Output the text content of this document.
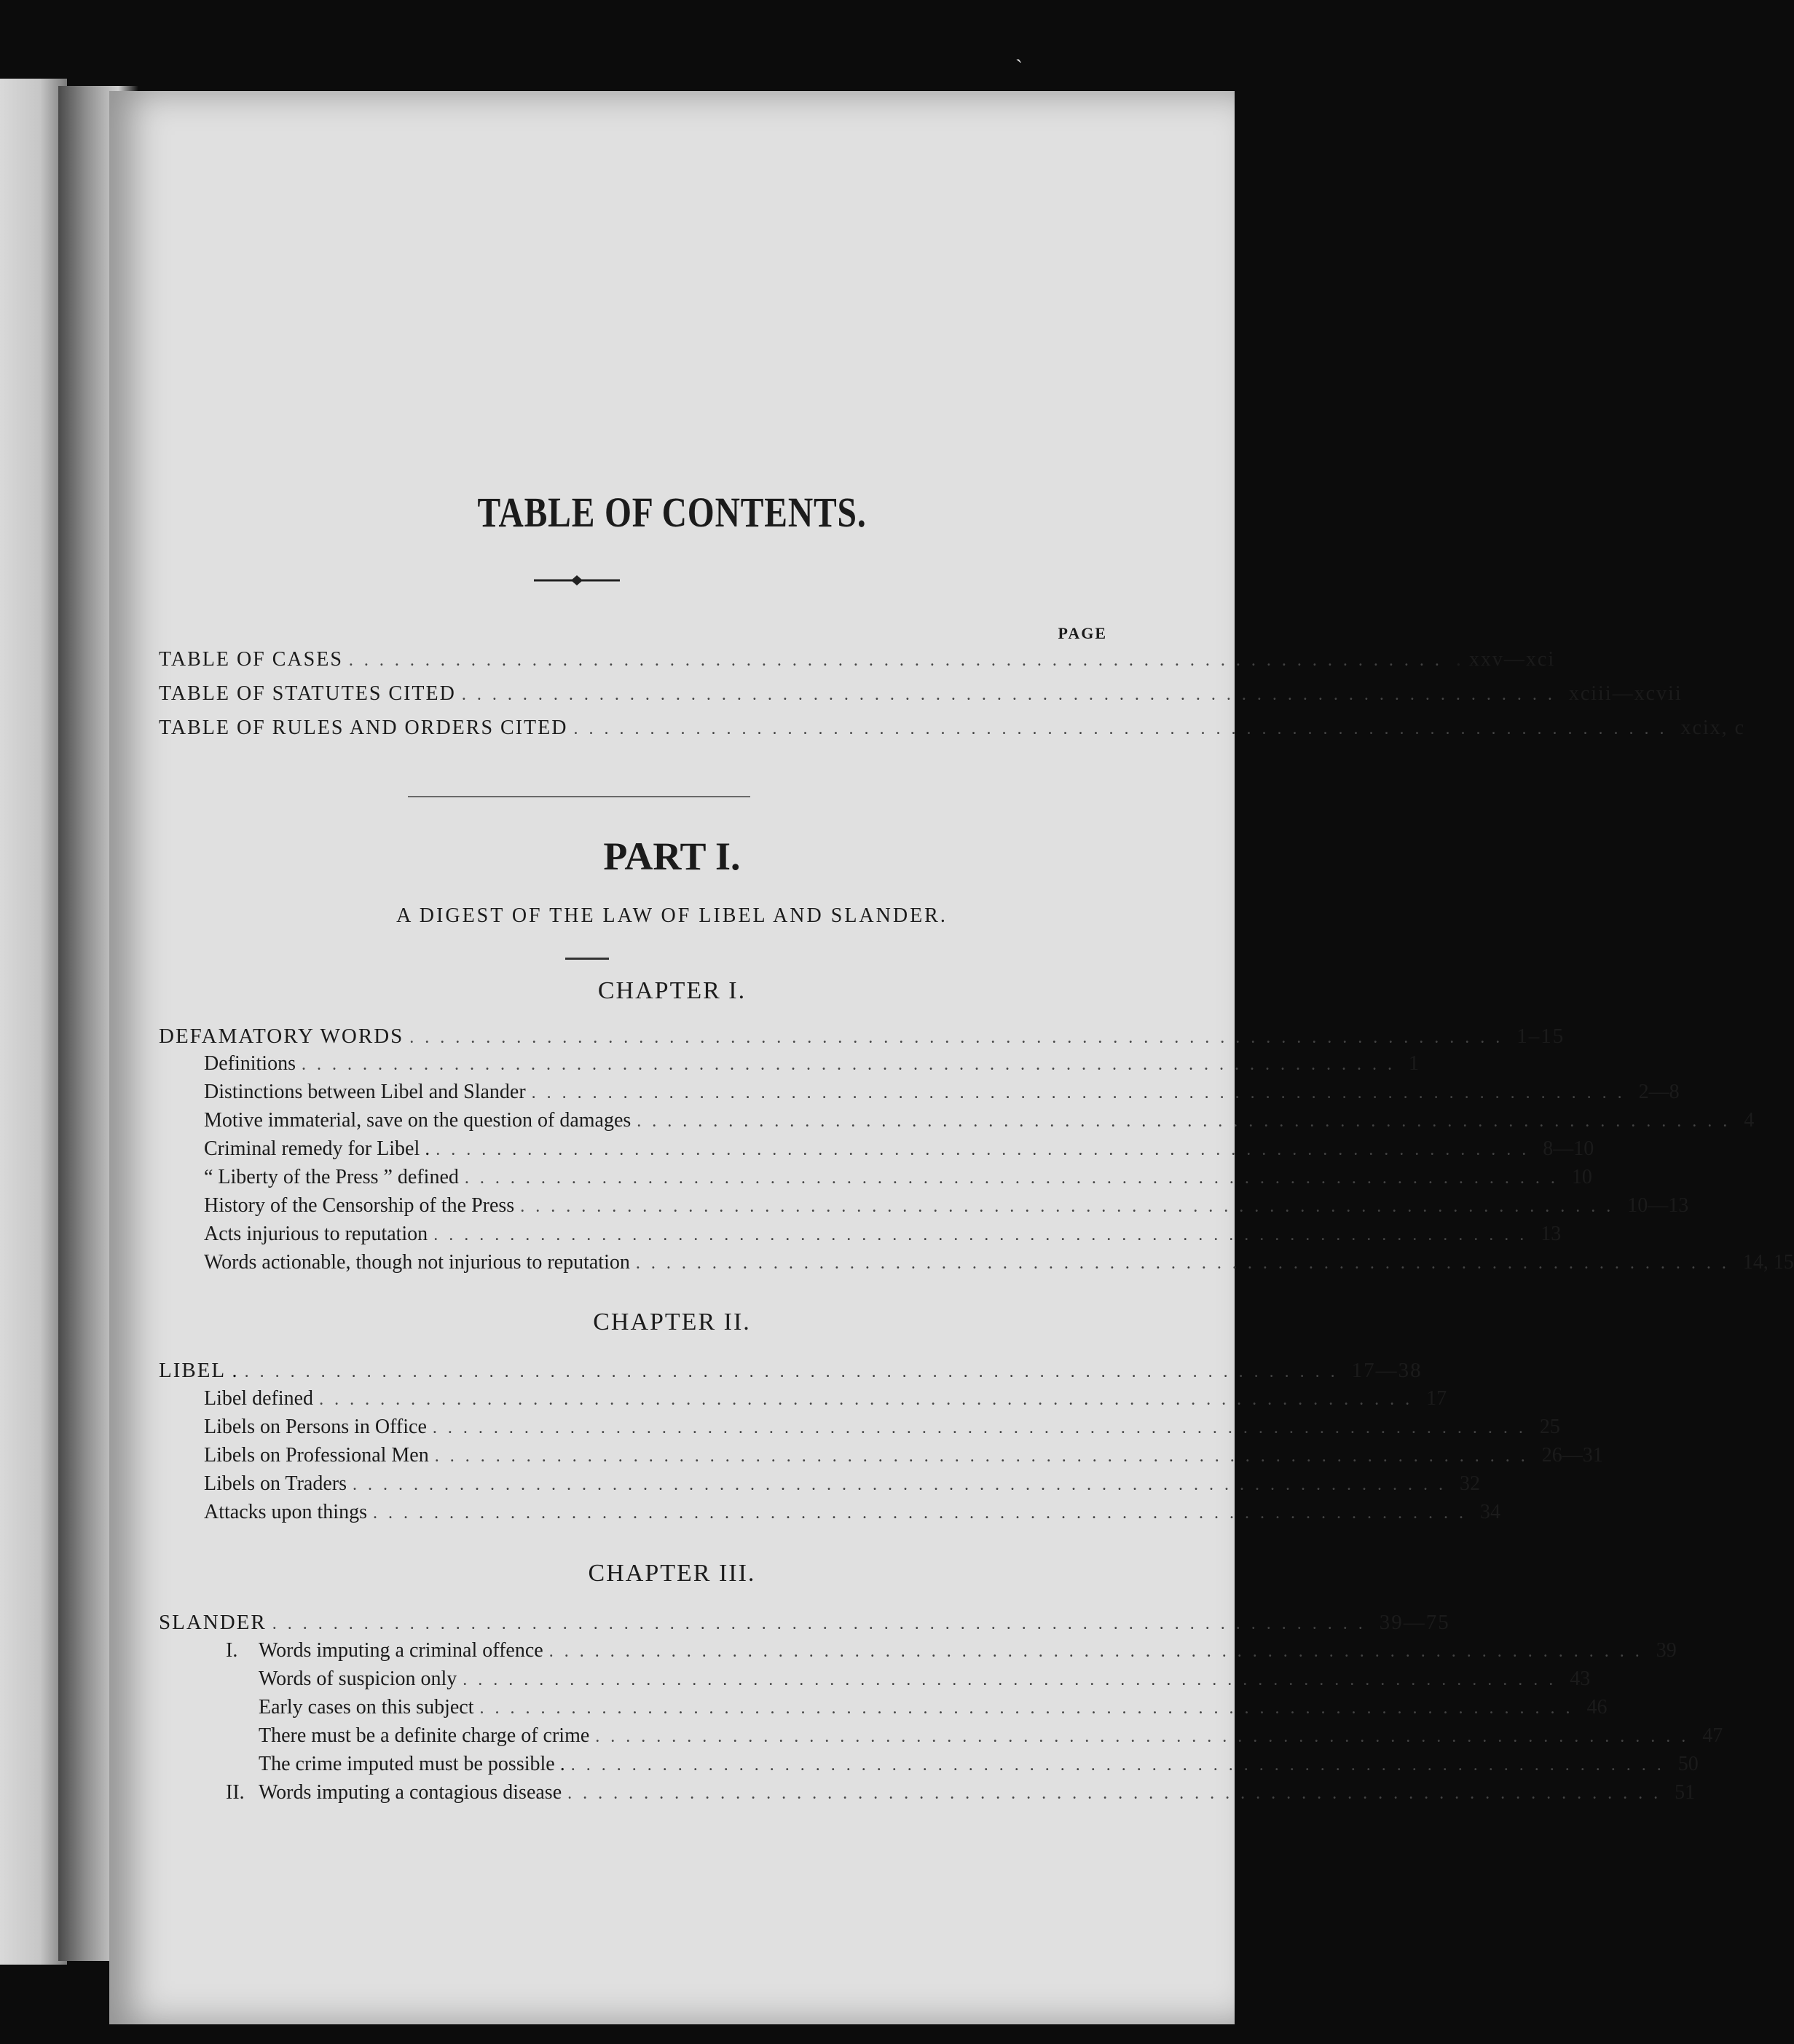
ˋ
TABLE OF CONTENTS.
PAGE
TABLE OF CASES ........................................................................ . xxv—xci
TABLE OF STATUTES CITED ........................................................................ xciii—xcvii
TABLE OF RULES AND ORDERS CITED ........................................................................ xcix, c
PART I.
A DIGEST OF THE LAW OF LIBEL AND SLANDER.
CHAPTER I.
DEFAMATORY WORDS ........................................................................ 1–15
Definitions ........................................................................ 1
Distinctions between Libel and Slander ........................................................................ 2—8
Motive immaterial, save on the question of damages ........................................................................ 4
Criminal remedy for Libel . ........................................................................ 8—10
“ Liberty of the Press ” defined ........................................................................ 10
History of the Censorship of the Press ........................................................................ 10—13
Acts injurious to reputation ........................................................................ 13
Words actionable, though not injurious to reputation ........................................................................ 14, 15
CHAPTER II.
LIBEL . ........................................................................ 17—38
Libel defined ........................................................................ 17
Libels on Persons in Office ........................................................................ 25
Libels on Professional Men ........................................................................ 26—31
Libels on Traders ........................................................................ 32
Attacks upon things ........................................................................ 34
CHAPTER III.
SLANDER ........................................................................ 39—75
I. Words imputing a criminal offence ........................................................................ 39
Words of suspicion only ........................................................................ 43
Early cases on this subject ........................................................................ 46
There must be a definite charge of crime ........................................................................ 47
The crime imputed must be possible . ........................................................................ 50
II. Words imputing a contagious disease ........................................................................ 51
